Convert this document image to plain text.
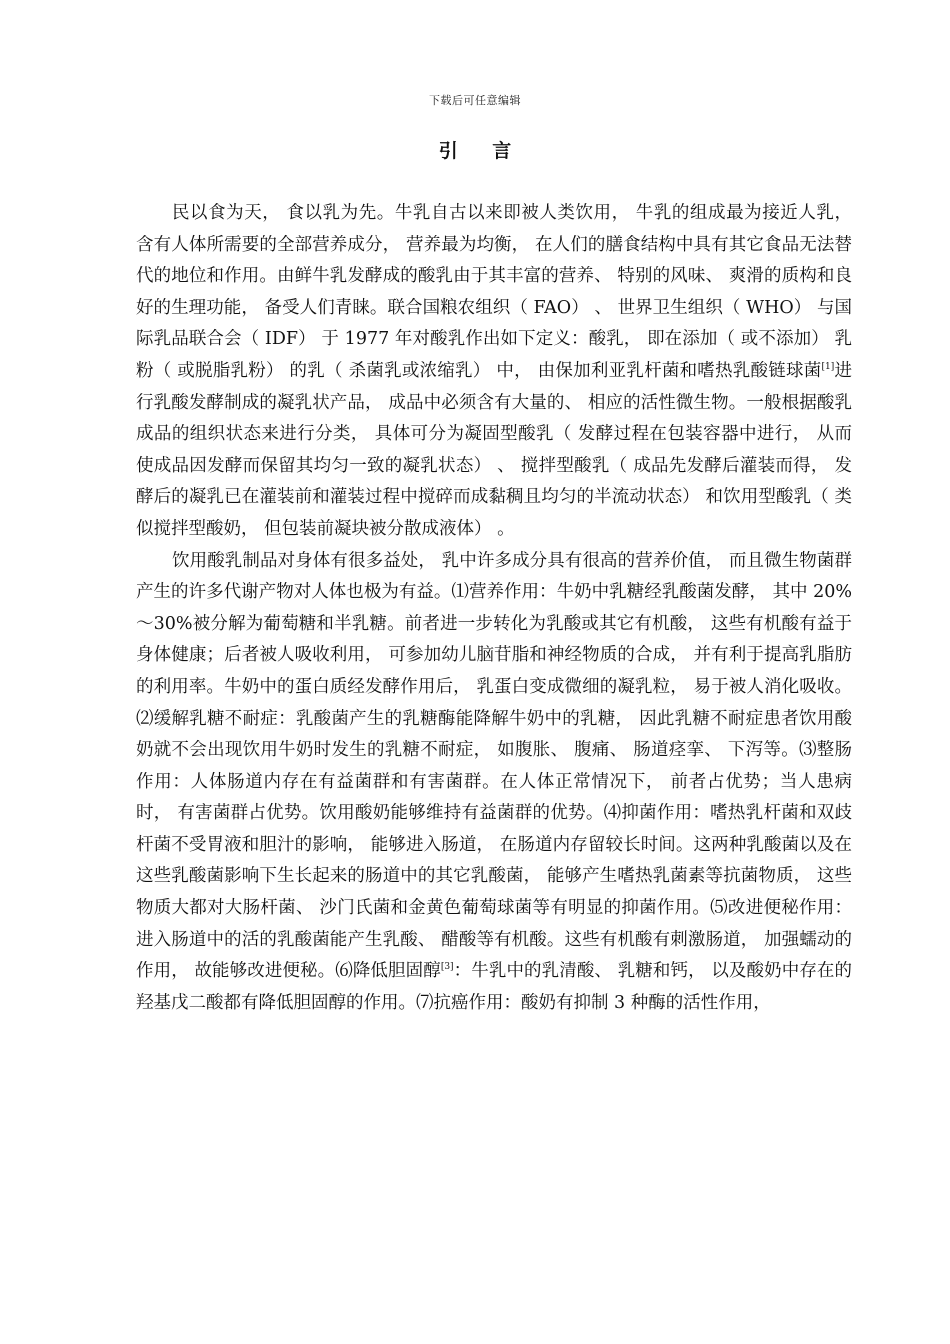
下载后可任意编辑
引 言

民以食为天， 食以乳为先。牛乳自古以来即被人类饮用， 牛乳的组成最为接近人乳， 含有人体所需要的全部营养成分， 营养最为均衡， 在人们的膳食结构中具有其它食品无法替代的地位和作用。由鲜牛乳发酵成的酸乳由于其丰富的营养、 特别的风味、 爽滑的质构和良好的生理功能， 备受人们青睐。联合国粮农组织（ FAO） 、 世界卫生组织（ WHO） 与国际乳品联合会（ IDF） 于 1977 年对酸乳作出如下定义：酸乳， 即在添加（ 或不添加） 乳粉（ 或脱脂乳粉） 的乳（ 杀菌乳或浓缩乳） 中， 由保加利亚乳杆菌和嗜热乳酸链球菌[1]进行乳酸发酵制成的凝乳状产品， 成品中必须含有大量的、 相应的活性微生物。一般根据酸乳成品的组织状态来进行分类， 具体可分为凝固型酸乳（ 发酵过程在包装容器中进行， 从而使成品因发酵而保留其均匀一致的凝乳状态） 、 搅拌型酸乳（ 成品先发酵后灌装而得， 发酵后的凝乳已在灌装前和灌装过程中搅碎而成黏稠且均匀的半流动状态） 和饮用型酸乳（ 类似搅拌型酸奶， 但包装前凝块被分散成液体） 。

饮用酸乳制品对身体有很多益处， 乳中许多成分具有很高的营养价值， 而且微生物菌群产生的许多代谢产物对人体也极为有益。⑴营养作用：牛奶中乳糖经乳酸菌发酵， 其中 20%～30%被分解为葡萄糖和半乳糖。前者进一步转化为乳酸或其它有机酸， 这些有机酸有益于身体健康；后者被人吸收利用， 可参加幼儿脑苷脂和神经物质的合成， 并有利于提高乳脂肪的利用率。牛奶中的蛋白质经发酵作用后， 乳蛋白变成微细的凝乳粒， 易于被人消化吸收。⑵缓解乳糖不耐症：乳酸菌产生的乳糖酶能降解牛奶中的乳糖， 因此乳糖不耐症患者饮用酸奶就不会出现饮用牛奶时发生的乳糖不耐症， 如腹胀、 腹痛、 肠道痉挛、 下泻等。⑶整肠作用：人体肠道内存在有益菌群和有害菌群。在人体正常情况下， 前者占优势；当人患病时， 有害菌群占优势。饮用酸奶能够维持有益菌群的优势。⑷抑菌作用：嗜热乳杆菌和双歧杆菌不受胃液和胆汁的影响， 能够进入肠道， 在肠道内存留较长时间。这两种乳酸菌以及在这些乳酸菌影响下生长起来的肠道中的其它乳酸菌， 能够产生嗜热乳菌素等抗菌物质， 这些物质大都对大肠杆菌、 沙门氏菌和金黄色葡萄球菌等有明显的抑菌作用。⑸改进便秘作用：进入肠道中的活的乳酸菌能产生乳酸、 醋酸等有机酸。这些有机酸有刺激肠道， 加强蠕动的作用， 故能够改进便秘。⑹降低胆固醇[3]：牛乳中的乳清酸、 乳糖和钙， 以及酸奶中存在的羟基戊二酸都有降低胆固醇的作用。⑺抗癌作用：酸奶有抑制 3 种酶的活性作用，
